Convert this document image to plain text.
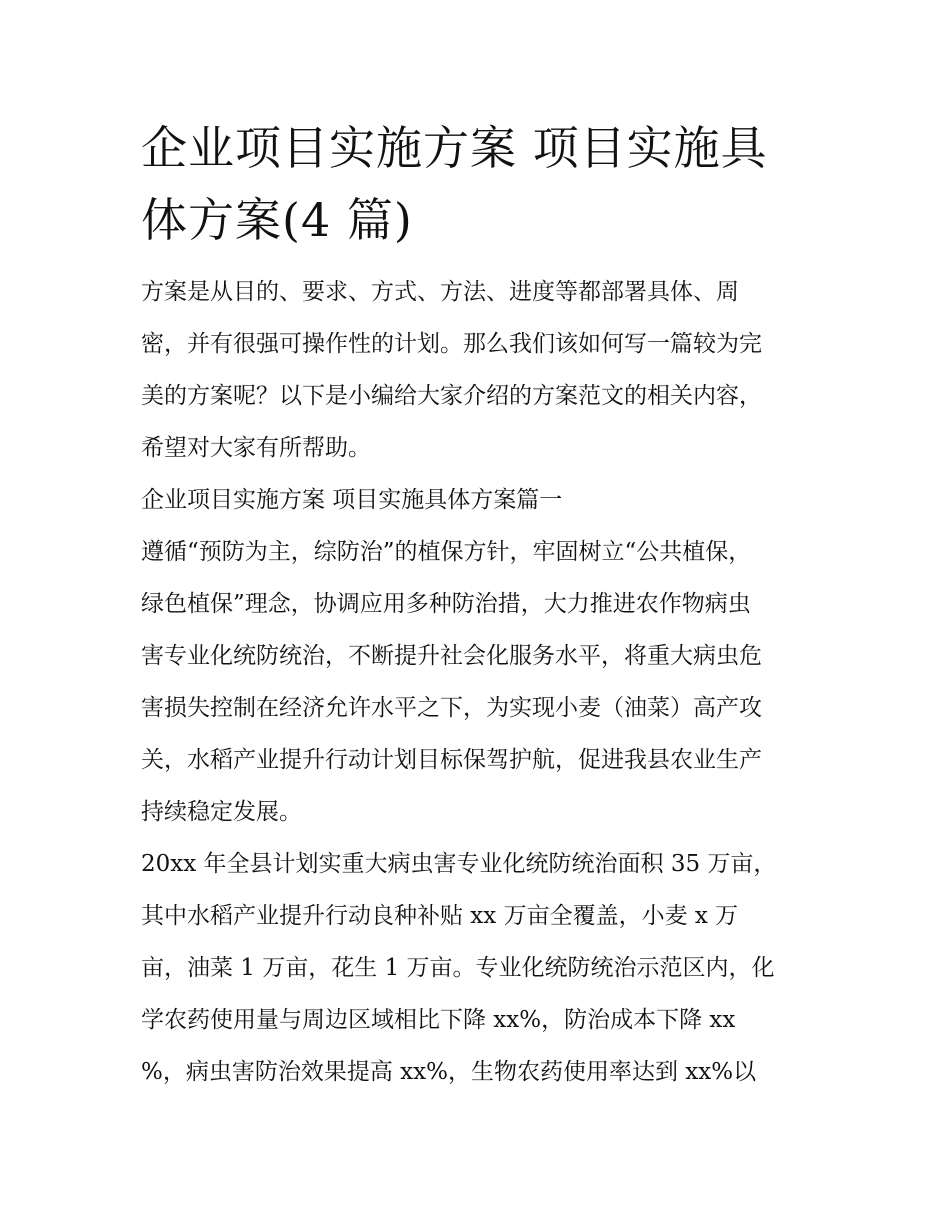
企业项目实施方案 项目实施具
体方案(4 篇)
方案是从目的、要求、方式、方法、进度等都部署具体、周
密，并有很强可操作性的计划。那么我们该如何写一篇较为完
美的方案呢？以下是小编给大家介绍的方案范文的相关内容，
希望对大家有所帮助。
企业项目实施方案 项目实施具体方案篇一
遵循“预防为主，综防治”的植保方针，牢固树立“公共植保，
绿色植保”理念，协调应用多种防治措，大力推进农作物病虫
害专业化统防统治，不断提升社会化服务水平，将重大病虫危
害损失控制在经济允许水平之下，为实现小麦（油菜）高产攻
关，水稻产业提升行动计划目标保驾护航，促进我县农业生产
持续稳定发展。
20xx 年全县计划实重大病虫害专业化统防统治面积 35 万亩，
其中水稻产业提升行动良种补贴 xx 万亩全覆盖，小麦 x 万
亩，油菜 1 万亩，花生 1 万亩。专业化统防统治示范区内，化
学农药使用量与周边区域相比下降 xx%，防治成本下降 xx
%，病虫害防治效果提高 xx%，生物农药使用率达到 xx%以
